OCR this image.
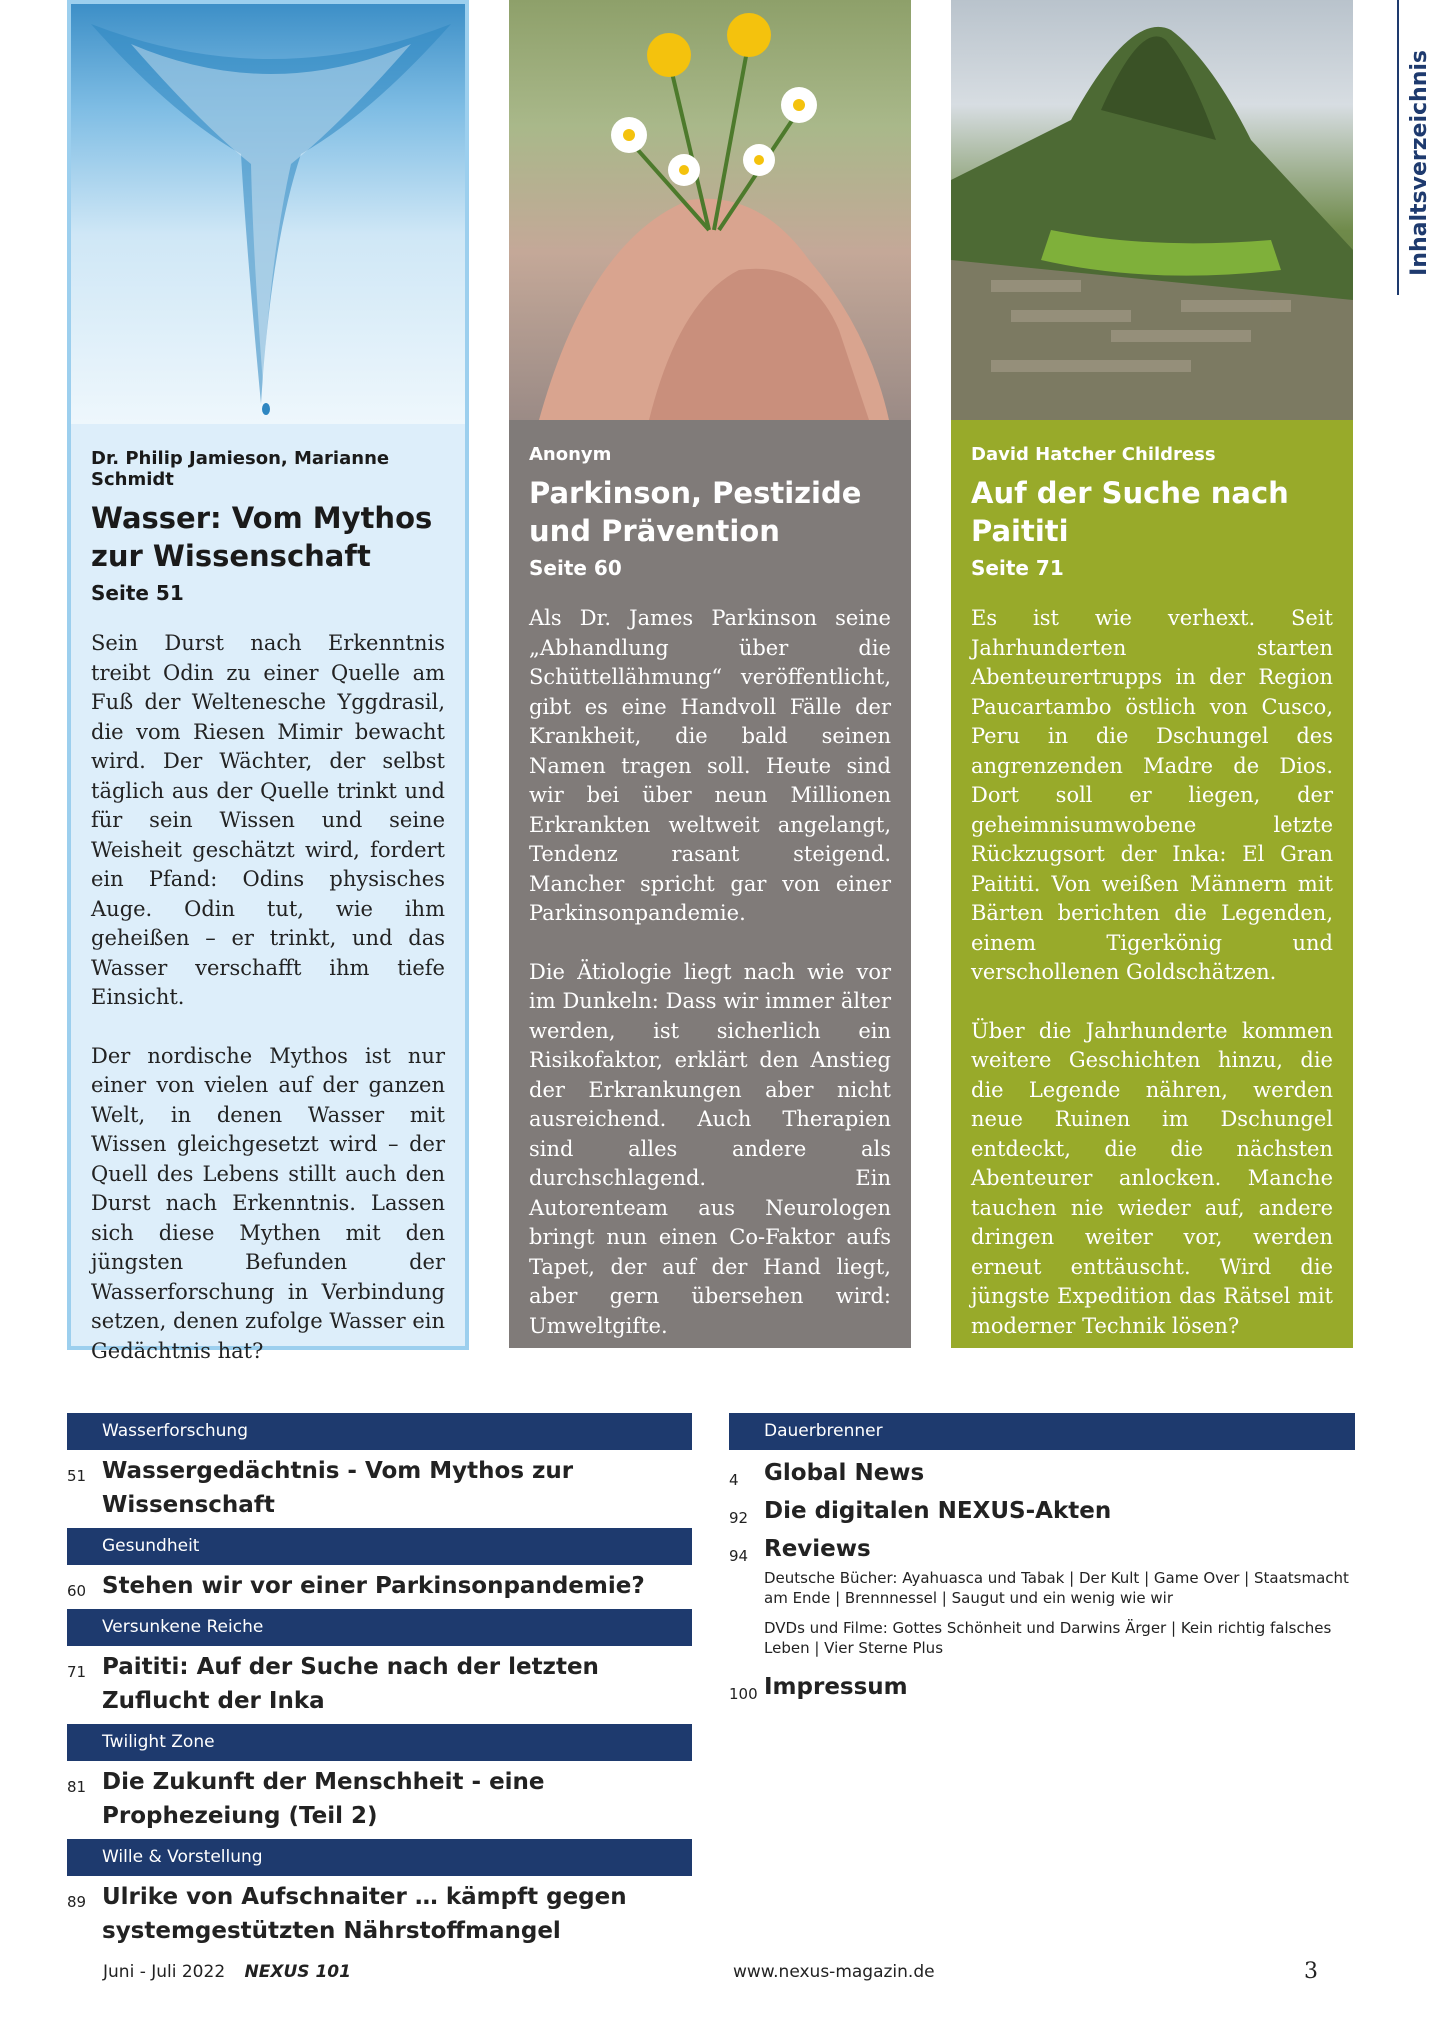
Inhaltsverzeichnis
Dr. Philip Jamieson, Marianne Schmidt
Wasser: Vom Mythos zur Wissenschaft
Seite 51

Sein Durst nach Erkenntnis treibt Odin zu einer Quelle am Fuß der Weltenesche Yggdrasil, die vom Riesen Mimir bewacht wird. Der Wächter, der selbst täglich aus der Quelle trinkt und für sein Wissen und seine Weisheit geschätzt wird, fordert ein Pfand: Odins physisches Auge. Odin tut, wie ihm geheißen – er trinkt, und das Wasser verschafft ihm tiefe Einsicht.

Der nordische Mythos ist nur einer von vielen auf der ganzen Welt, in denen Wasser mit Wissen gleichgesetzt wird – der Quell des Lebens stillt auch den Durst nach Erkenntnis. Lassen sich diese Mythen mit den jüngsten Befunden der Wasserforschung in Verbindung setzen, denen zufolge Wasser ein Gedächtnis hat?

Anonym
Parkinson, Pestizide und Prävention
Seite 60

Als Dr. James Parkinson seine „Abhandlung über die Schüttellähmung“ veröffentlicht, gibt es eine Handvoll Fälle der Krankheit, die bald seinen Namen tragen soll. Heute sind wir bei über neun Millionen Erkrankten weltweit angelangt, Tendenz rasant steigend. Mancher spricht gar von einer Parkinsonpandemie.

Die Ätiologie liegt nach wie vor im Dunkeln: Dass wir immer älter werden, ist sicherlich ein Risikofaktor, erklärt den Anstieg der Erkrankungen aber nicht ausreichend. Auch Therapien sind alles andere als durchschlagend. Ein Autorenteam aus Neurologen bringt nun einen Co-Faktor aufs Tapet, der auf der Hand liegt, aber gern übersehen wird: Umweltgifte.

David Hatcher Childress
Auf der Suche nach Paititi
Seite 71

Es ist wie verhext. Seit Jahrhunderten starten Abenteurertrupps in der Region Paucartambo östlich von Cusco, Peru in die Dschungel des angrenzenden Madre de Dios. Dort soll er liegen, der geheimnisumwobene letzte Rückzugsort der Inka: El Gran Paititi. Von weißen Männern mit Bärten berichten die Legenden, einem Tigerkönig und verschollenen Goldschätzen.

Über die Jahrhunderte kommen weitere Geschichten hinzu, die die Legende nähren, werden neue Ruinen im Dschungel entdeckt, die die nächsten Abenteurer anlocken. Manche tauchen nie wieder auf, andere dringen weiter vor, werden erneut enttäuscht. Wird die jüngste Expedition das Rätsel mit moderner Technik lösen?

Wasserforschung
51 Wassergedächtnis - Vom Mythos zur Wissenschaft
Gesundheit
60 Stehen wir vor einer Parkinsonpandemie?
Versunkene Reiche
71 Paititi: Auf der Suche nach der letzten Zuflucht der Inka
Twilight Zone
81 Die Zukunft der Menschheit - eine Prophezeiung (Teil 2)
Wille & Vorstellung
89 Ulrike von Aufschnaiter … kämpft gegen systemgestützten Nährstoffmangel
Dauerbrenner
4 Global News
92 Die digitalen NEXUS-Akten
94 Reviews
Deutsche Bücher: Ayahuasca und Tabak | Der Kult | Game Over | Staatsmacht am Ende | Brennnessel | Saugut und ein wenig wie wir
DVDs und Filme: Gottes Schönheit und Darwins Ärger | Kein richtig falsches Leben | Vier Sterne Plus
100 Impressum
Juni - Juli 2022 NEXUS 101	www.nexus-magazin.de	3
